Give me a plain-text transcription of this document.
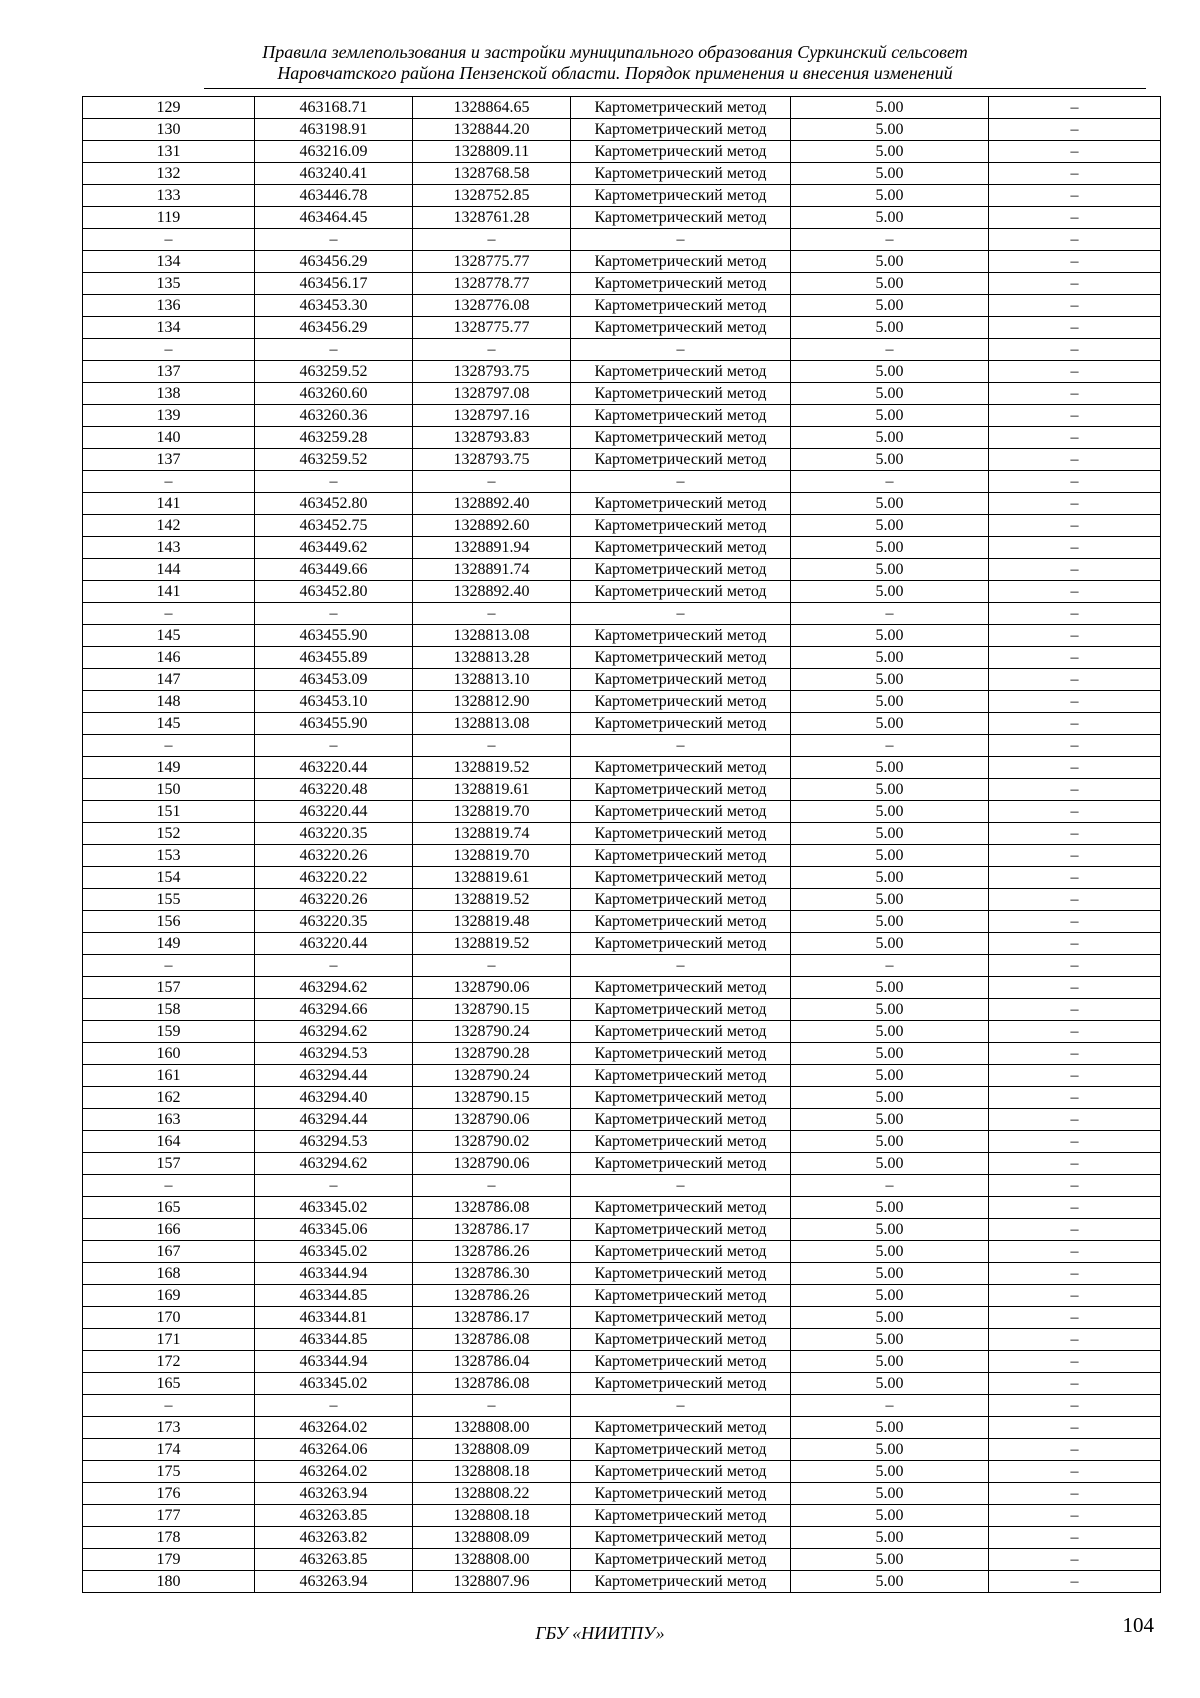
Правила землепользования и застройки муниципального образования Суркинский сельсовет
Наровчатского района Пензенской области. Порядок применения и внесения изменений
129	463168.71	1328864.65	Картометрический метод	5.00	–
130	463198.91	1328844.20	Картометрический метод	5.00	–
131	463216.09	1328809.11	Картометрический метод	5.00	–
132	463240.41	1328768.58	Картометрический метод	5.00	–
133	463446.78	1328752.85	Картометрический метод	5.00	–
119	463464.45	1328761.28	Картометрический метод	5.00	–
–	–	–	–	–	–
134	463456.29	1328775.77	Картометрический метод	5.00	–
135	463456.17	1328778.77	Картометрический метод	5.00	–
136	463453.30	1328776.08	Картометрический метод	5.00	–
134	463456.29	1328775.77	Картометрический метод	5.00	–
–	–	–	–	–	–
137	463259.52	1328793.75	Картометрический метод	5.00	–
138	463260.60	1328797.08	Картометрический метод	5.00	–
139	463260.36	1328797.16	Картометрический метод	5.00	–
140	463259.28	1328793.83	Картометрический метод	5.00	–
137	463259.52	1328793.75	Картометрический метод	5.00	–
–	–	–	–	–	–
141	463452.80	1328892.40	Картометрический метод	5.00	–
142	463452.75	1328892.60	Картометрический метод	5.00	–
143	463449.62	1328891.94	Картометрический метод	5.00	–
144	463449.66	1328891.74	Картометрический метод	5.00	–
141	463452.80	1328892.40	Картометрический метод	5.00	–
–	–	–	–	–	–
145	463455.90	1328813.08	Картометрический метод	5.00	–
146	463455.89	1328813.28	Картометрический метод	5.00	–
147	463453.09	1328813.10	Картометрический метод	5.00	–
148	463453.10	1328812.90	Картометрический метод	5.00	–
145	463455.90	1328813.08	Картометрический метод	5.00	–
–	–	–	–	–	–
149	463220.44	1328819.52	Картометрический метод	5.00	–
150	463220.48	1328819.61	Картометрический метод	5.00	–
151	463220.44	1328819.70	Картометрический метод	5.00	–
152	463220.35	1328819.74	Картометрический метод	5.00	–
153	463220.26	1328819.70	Картометрический метод	5.00	–
154	463220.22	1328819.61	Картометрический метод	5.00	–
155	463220.26	1328819.52	Картометрический метод	5.00	–
156	463220.35	1328819.48	Картометрический метод	5.00	–
149	463220.44	1328819.52	Картометрический метод	5.00	–
–	–	–	–	–	–
157	463294.62	1328790.06	Картометрический метод	5.00	–
158	463294.66	1328790.15	Картометрический метод	5.00	–
159	463294.62	1328790.24	Картометрический метод	5.00	–
160	463294.53	1328790.28	Картометрический метод	5.00	–
161	463294.44	1328790.24	Картометрический метод	5.00	–
162	463294.40	1328790.15	Картометрический метод	5.00	–
163	463294.44	1328790.06	Картометрический метод	5.00	–
164	463294.53	1328790.02	Картометрический метод	5.00	–
157	463294.62	1328790.06	Картометрический метод	5.00	–
–	–	–	–	–	–
165	463345.02	1328786.08	Картометрический метод	5.00	–
166	463345.06	1328786.17	Картометрический метод	5.00	–
167	463345.02	1328786.26	Картометрический метод	5.00	–
168	463344.94	1328786.30	Картометрический метод	5.00	–
169	463344.85	1328786.26	Картометрический метод	5.00	–
170	463344.81	1328786.17	Картометрический метод	5.00	–
171	463344.85	1328786.08	Картометрический метод	5.00	–
172	463344.94	1328786.04	Картометрический метод	5.00	–
165	463345.02	1328786.08	Картометрический метод	5.00	–
–	–	–	–	–	–
173	463264.02	1328808.00	Картометрический метод	5.00	–
174	463264.06	1328808.09	Картометрический метод	5.00	–
175	463264.02	1328808.18	Картометрический метод	5.00	–
176	463263.94	1328808.22	Картометрический метод	5.00	–
177	463263.85	1328808.18	Картометрический метод	5.00	–
178	463263.82	1328808.09	Картометрический метод	5.00	–
179	463263.85	1328808.00	Картометрический метод	5.00	–
180	463263.94	1328807.96	Картометрический метод	5.00	–
ГБУ «НИИТПУ»	104
